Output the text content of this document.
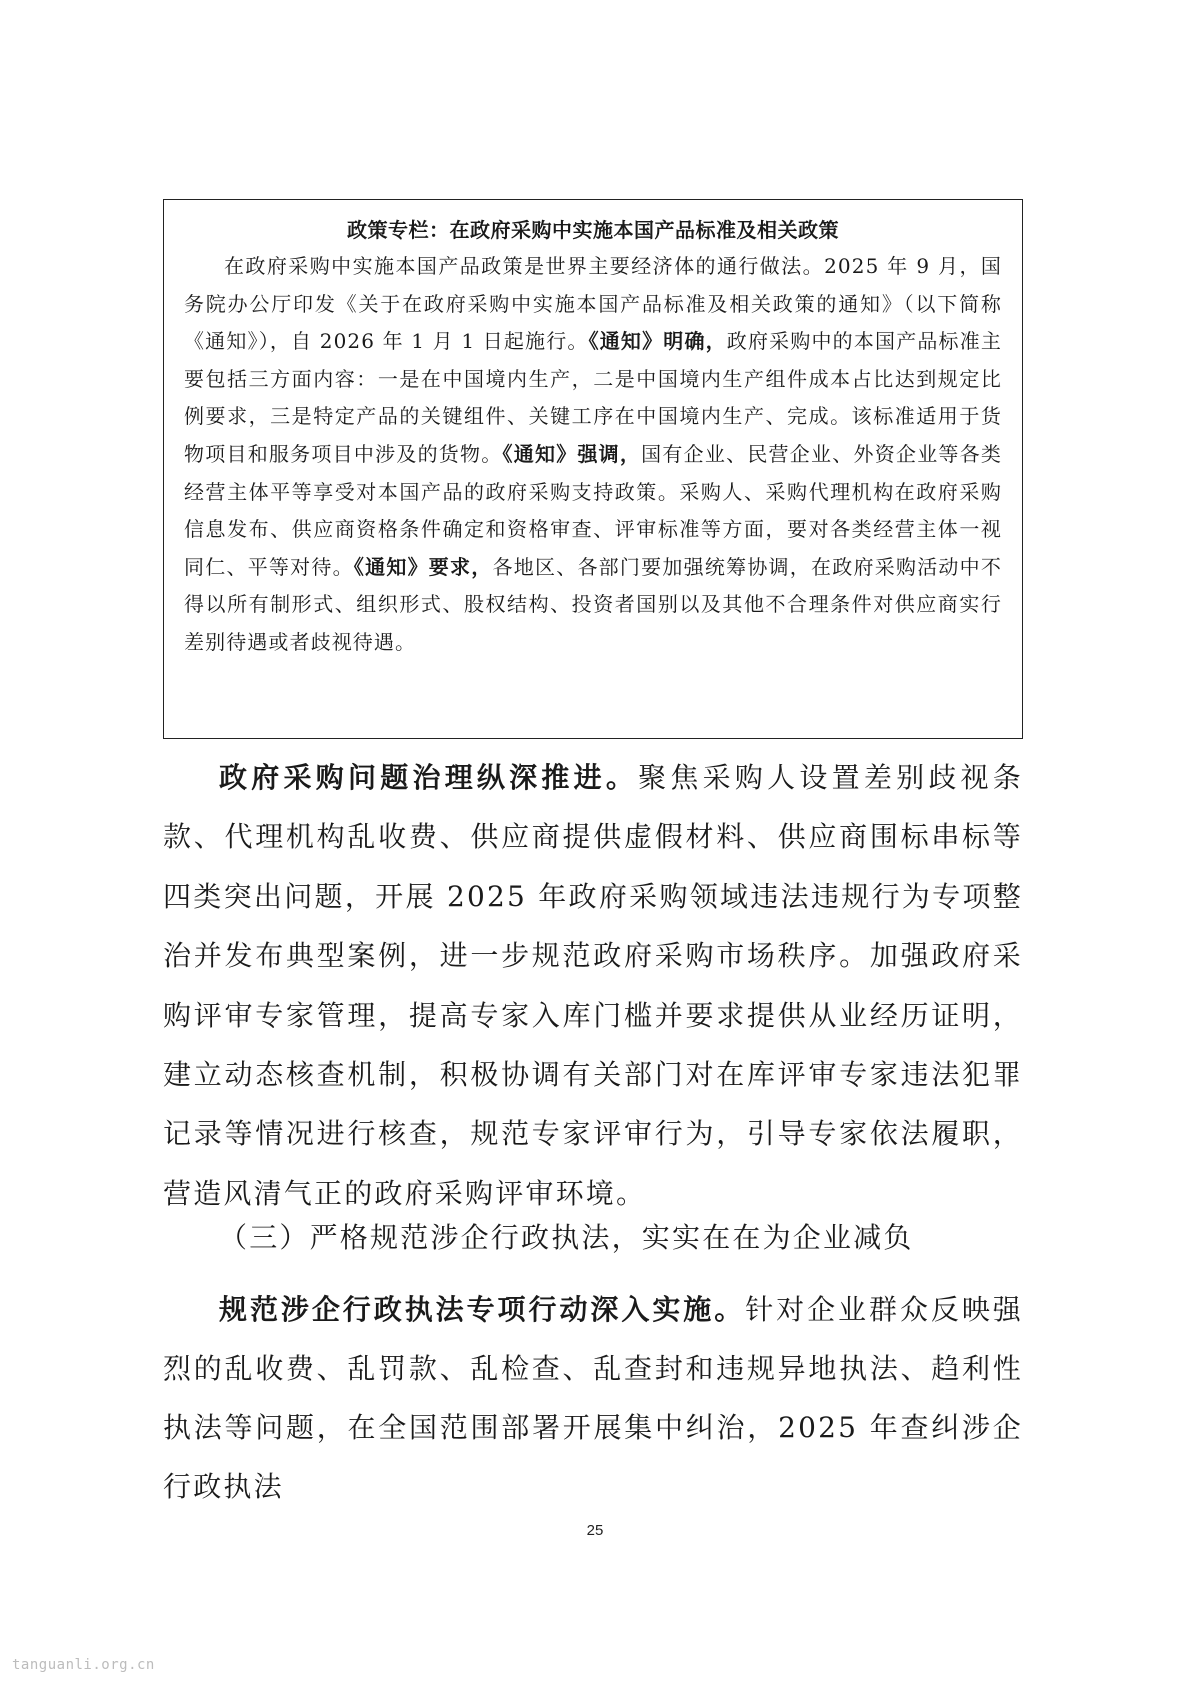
政策专栏：在政府采购中实施本国产品标准及相关政策

在政府采购中实施本国产品政策是世界主要经济体的通行做法。2025 年 9 月，国务院办公厅印发《关于在政府采购中实施本国产品标准及相关政策的通知》（以下简称《通知》），自 2026 年 1 月 1 日起施行。《通知》明确，政府采购中的本国产品标准主要包括三方面内容：一是在中国境内生产，二是中国境内生产组件成本占比达到规定比例要求，三是特定产品的关键组件、关键工序在中国境内生产、完成。该标准适用于货物项目和服务项目中涉及的货物。《通知》强调，国有企业、民营企业、外资企业等各类经营主体平等享受对本国产品的政府采购支持政策。采购人、采购代理机构在政府采购信息发布、供应商资格条件确定和资格审查、评审标准等方面，要对各类经营主体一视同仁、平等对待。《通知》要求，各地区、各部门要加强统筹协调，在政府采购活动中不得以所有制形式、组织形式、股权结构、投资者国别以及其他不合理条件对供应商实行差别待遇或者歧视待遇。

政府采购问题治理纵深推进。聚焦采购人设置差别歧视条款、代理机构乱收费、供应商提供虚假材料、供应商围标串标等四类突出问题，开展 2025 年政府采购领域违法违规行为专项整治并发布典型案例，进一步规范政府采购市场秩序。加强政府采购评审专家管理，提高专家入库门槛并要求提供从业经历证明，建立动态核查机制，积极协调有关部门对在库评审专家违法犯罪记录等情况进行核查，规范专家评审行为，引导专家依法履职，营造风清气正的政府采购评审环境。

（三）严格规范涉企行政执法，实实在在为企业减负

规范涉企行政执法专项行动深入实施。针对企业群众反映强烈的乱收费、乱罚款、乱检查、乱查封和违规异地执法、趋利性执法等问题，在全国范围部署开展集中纠治，2025 年查纠涉企行政执法

25
tanguanli.org.cn
